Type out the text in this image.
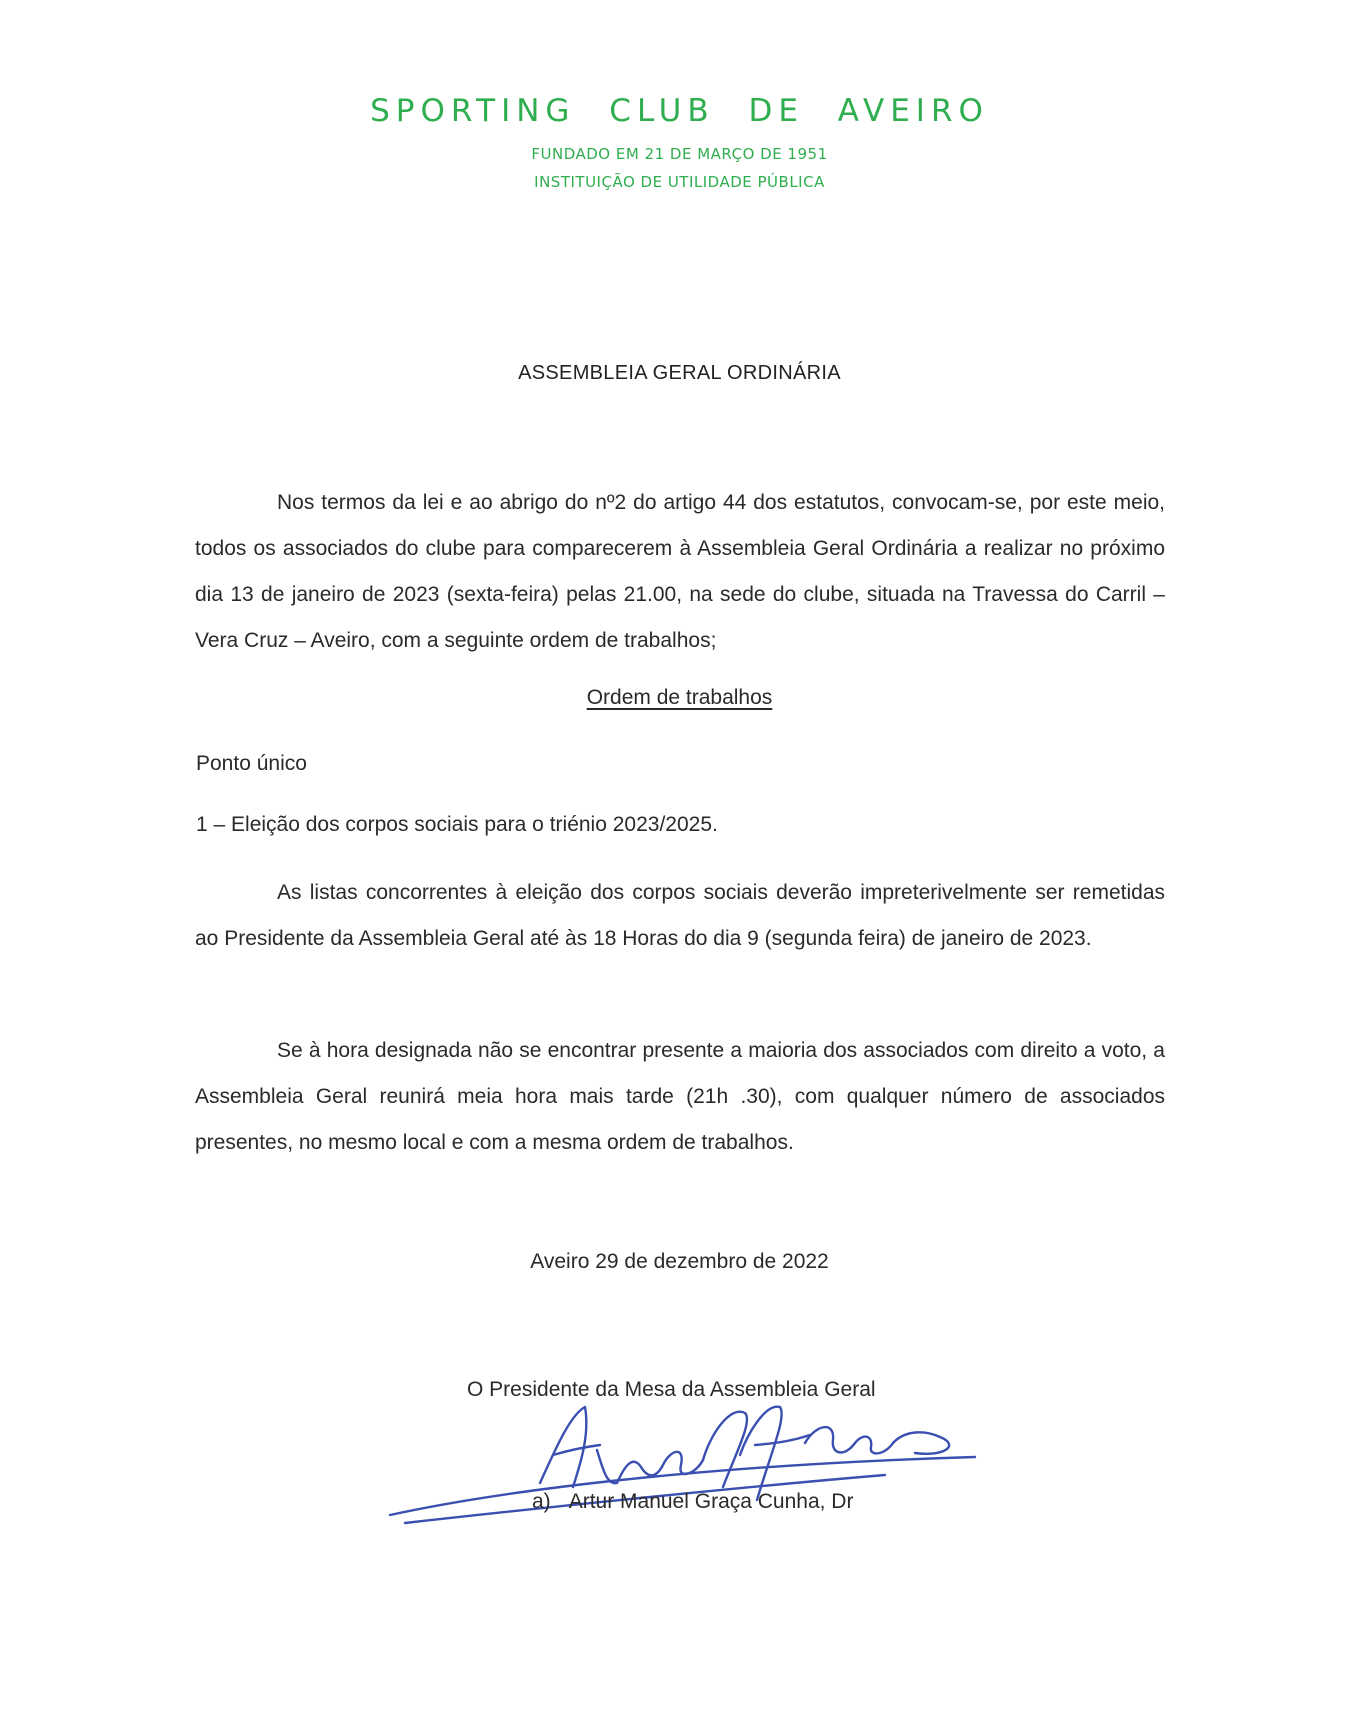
SPORTING CLUB DE AVEIRO
FUNDADO EM 21 DE MARÇO DE 1951
INSTITUIÇÃO DE UTILIDADE PÚBLICA
ASSEMBLEIA GERAL ORDINÁRIA

Nos termos da lei e ao abrigo do nº2 do artigo 44 dos estatutos, convocam-se, por este meio, todos os associados do clube para comparecerem à Assembleia Geral Ordinária a realizar no próximo dia 13 de janeiro de 2023 (sexta-feira) pelas 21.00, na sede do clube, situada na Travessa do Carril – Vera Cruz – Aveiro, com a seguinte ordem de trabalhos;

Ordem de trabalhos
Ponto único
1 – Eleição dos corpos sociais para o triénio 2023/2025.

As listas concorrentes à eleição dos corpos sociais deverão impreterivelmente ser remetidas ao Presidente da Assembleia Geral até às 18 Horas do dia 9 (segunda feira) de janeiro de 2023.

Se à hora designada não se encontrar presente a maioria dos associados com direito a voto, a Assembleia Geral reunirá meia hora mais tarde (21h .30), com qualquer número de associados presentes, no mesmo local e com a mesma ordem de trabalhos.

Aveiro 29 de dezembro de 2022
O Presidente da Mesa da Assembleia Geral
a) Artur Manuel Graça Cunha, Dr
